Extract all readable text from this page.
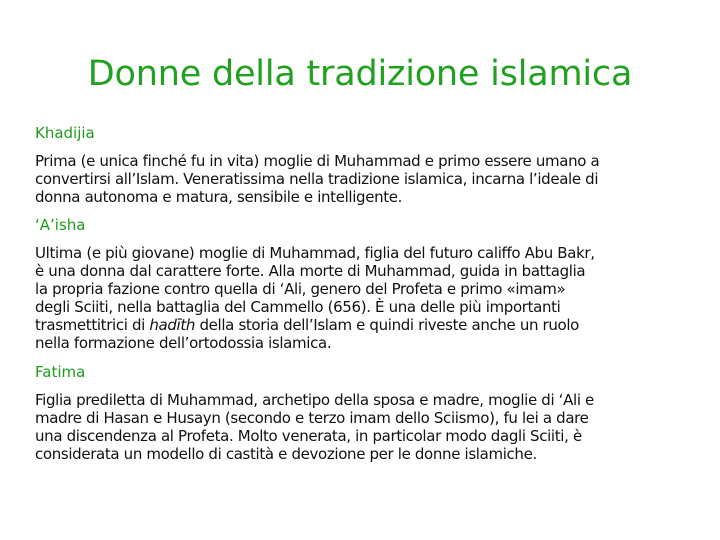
Donne della tradizione islamica
Khadijia
Prima (e unica finché fu in vita) moglie di Muhammad e primo essere umano a
convertirsi all’Islam. Veneratissima nella tradizione islamica, incarna l’ideale di
donna autonoma e matura, sensibile e intelligente.
‘A’isha
Ultima (e più giovane) moglie di Muhammad, figlia del futuro califfo Abu Bakr,
è una donna dal carattere forte. Alla morte di Muhammad, guida in battaglia
la propria fazione contro quella di ‘Ali, genero del Profeta e primo «imam»
degli Sciiti, nella battaglia del Cammello (656). È una delle più importanti
trasmettitrici di hadīth della storia dell’Islam e quindi riveste anche un ruolo
nella formazione dell’ortodossia islamica.
Fatima
Figlia prediletta di Muhammad, archetipo della sposa e madre, moglie di ‘Ali e
madre di Hasan e Husayn (secondo e terzo imam dello Sciismo), fu lei a dare
una discendenza al Profeta. Molto venerata, in particolar modo dagli Sciiti, è
considerata un modello di castità e devozione per le donne islamiche.
